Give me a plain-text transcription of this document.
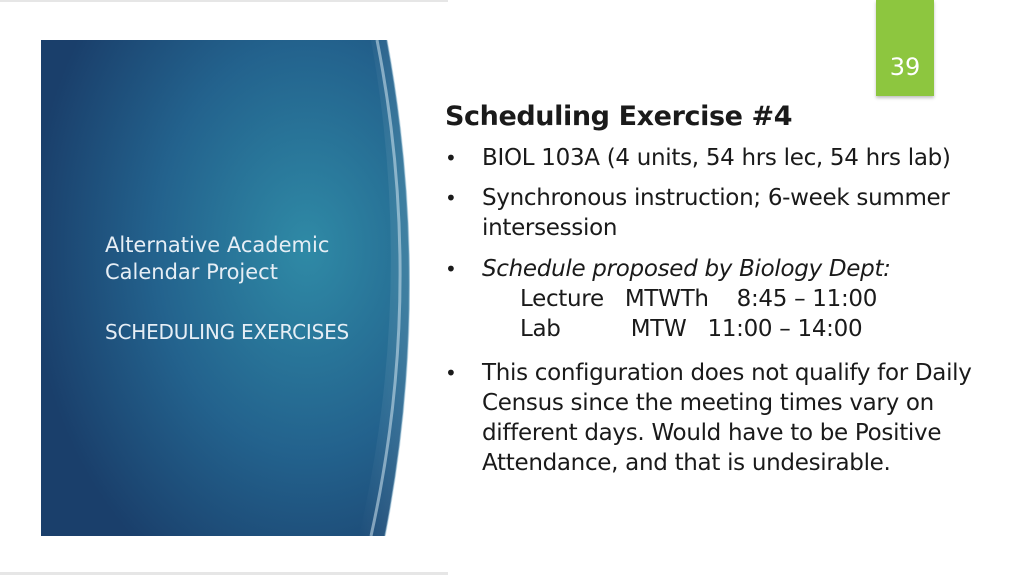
Alternative Academic
Calendar Project
SCHEDULING EXERCISES
39
Scheduling Exercise #4
• BIOL 103A (4 units, 54 hrs lec, 54 hrs lab)
• Synchronous instruction; 6-week summer
intersession
• Schedule proposed by Biology Dept:
Lecture   MTWTh    8:45 – 11:00
Lab          MTW   11:00 – 14:00
• This configuration does not qualify for Daily
Census since the meeting times vary on
different days. Would have to be Positive
Attendance, and that is undesirable.
